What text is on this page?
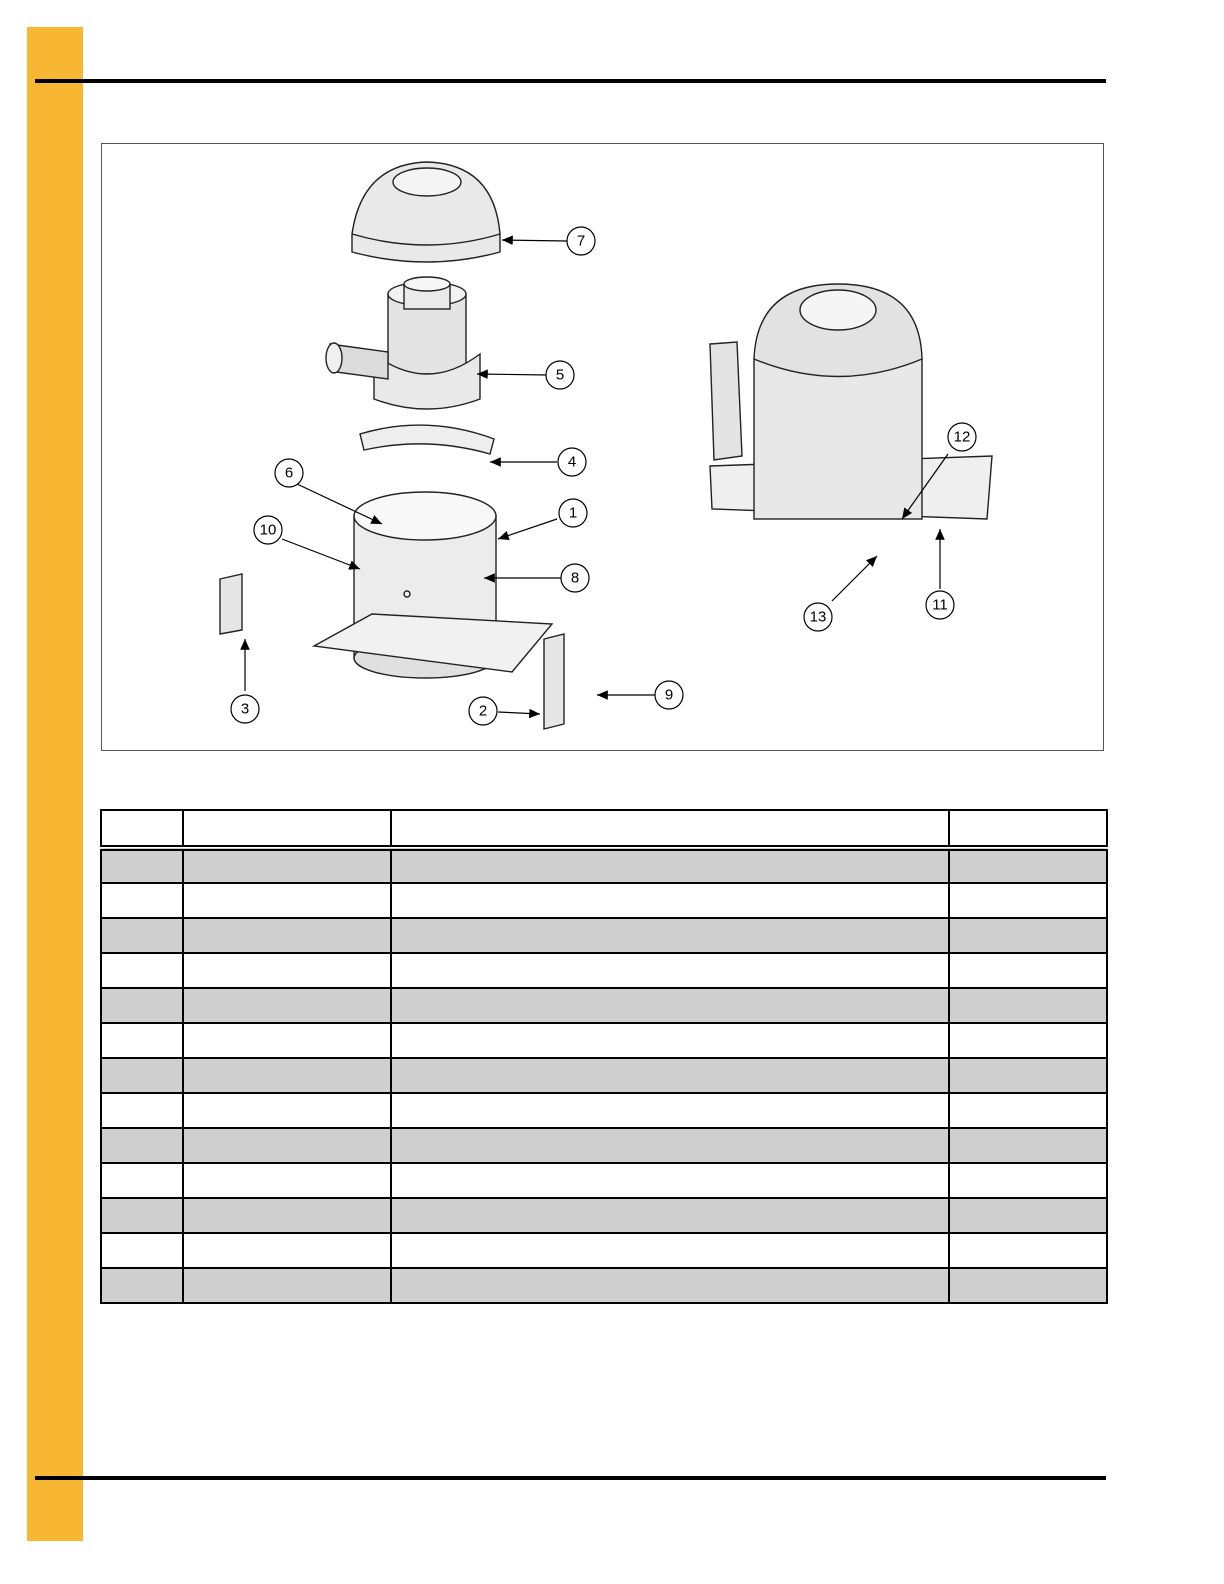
7
5
4
1
6
10
8
3
9
2
11
12
13
